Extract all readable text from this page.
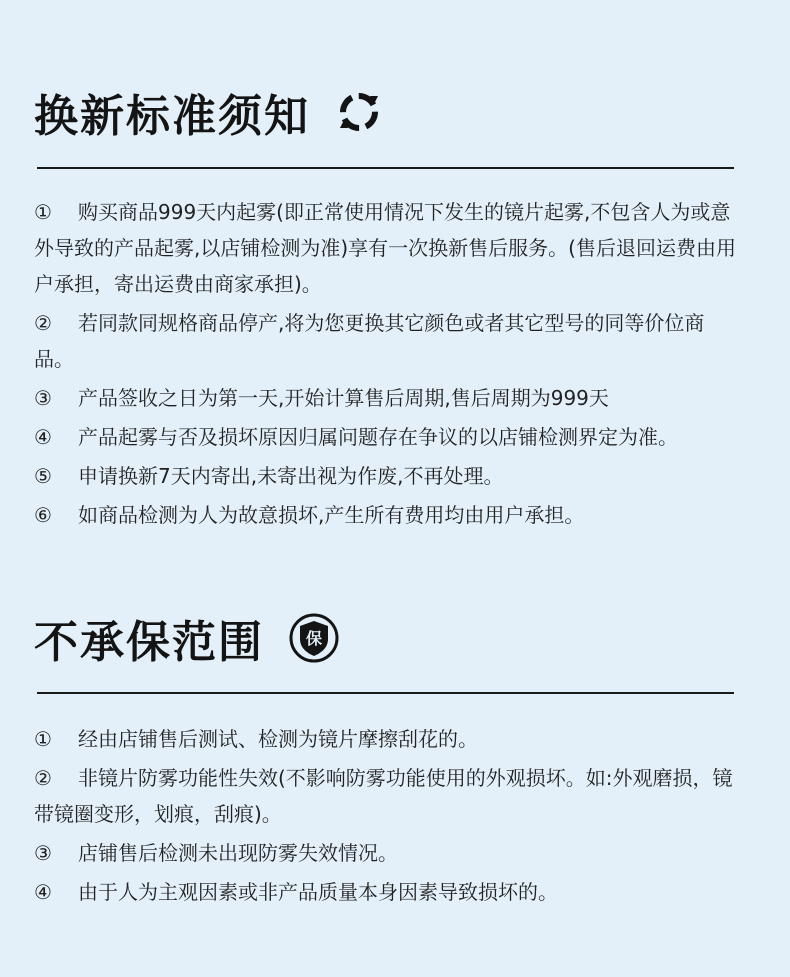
换新标准须知

① 购买商品999天内起雾(即正常使用情况下发生的镜片起雾,不包含人为或意外导致的产品起雾,以店铺检测为准)享有一次换新售后服务。(售后退回运费由用户承担，寄出运费由商家承担)。

② 若同款同规格商品停产,将为您更换其它颜色或者其它型号的同等价位商品。

③ 产品签收之日为第一天,开始计算售后周期,售后周期为999天

④ 产品起雾与否及损坏原因归属问题存在争议的以店铺检测界定为准。

⑤ 申请换新7天内寄出,未寄出视为作废,不再处理。

⑥ 如商品检测为人为故意损坏,产生所有费用均由用户承担。

不承保范围	保

① 经由店铺售后测试、检测为镜片摩擦刮花的。

② 非镜片防雾功能性失效(不影响防雾功能使用的外观损坏。如:外观磨损，镜带镜圈变形，划痕，刮痕)。

③ 店铺售后检测未出现防雾失效情况。

④ 由于人为主观因素或非产品质量本身因素导致损坏的。
